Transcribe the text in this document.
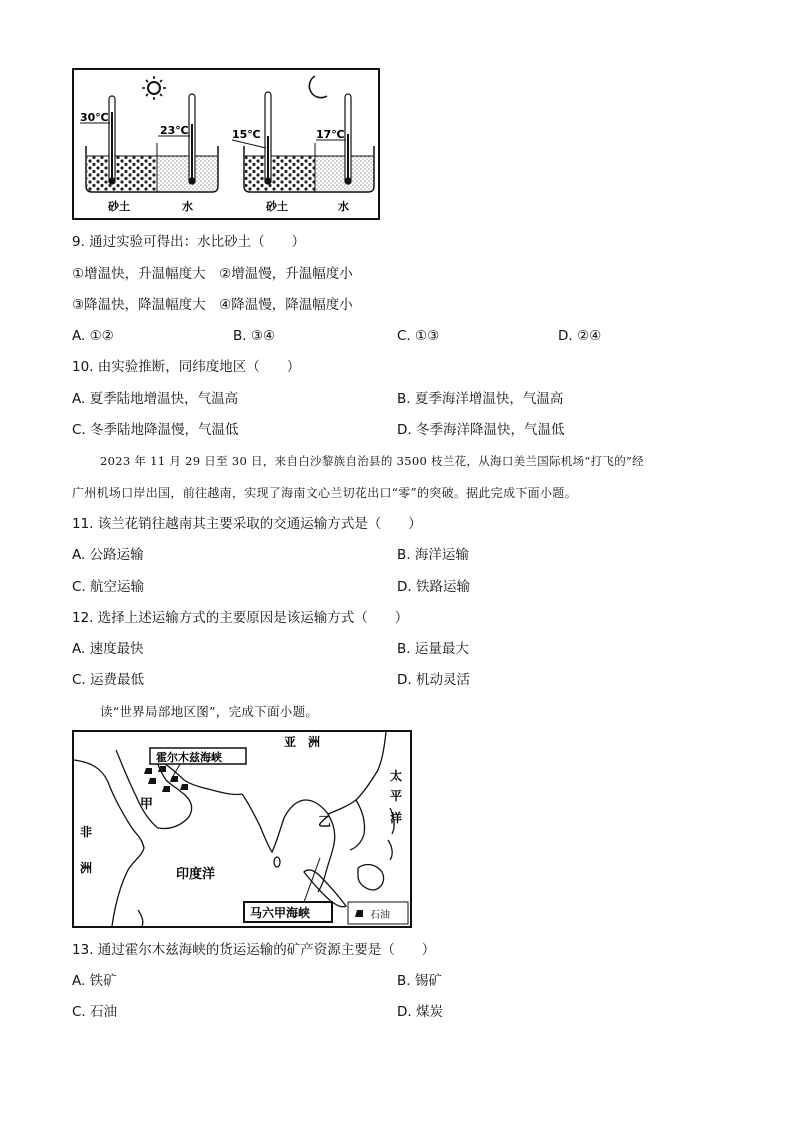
30℃
23℃	15℃	17℃
砂土	水	砂土	水
9. 通过实验可得出：水比砂土（　　）
①增温快，升温幅度大　②增温慢，升温幅度小
③降温快，降温幅度大　④降温慢，降温幅度小
A. ①②	B. ③④	C. ①③	D. ②④
10. 由实验推断，同纬度地区（　　）
A. 夏季陆地增温快，气温高	B. 夏季海洋增温快，气温高
C. 冬季陆地降温慢，气温低	D. 冬季海洋降温快，气温低
2023 年 11 月 29 日至 30 日，来自白沙黎族自治县的 3500 枝兰花，从海口美兰国际机场“打飞的”经
广州机场口岸出国，前往越南，实现了海南文心兰切花出口“零”的突破。据此完成下面小题。
11. 该兰花销往越南其主要采取的交通运输方式是（　　）
A. 公路运输	B. 海洋运输
C. 航空运输	D. 铁路运输
12. 选择上述运输方式的主要原因是该运输方式（　　）
A. 速度最快	B. 运量最大
C. 运费最低	D. 机动灵活
读“世界局部地区图”，完成下面小题。
霍尔木兹海峡
亚　洲
非
洲
太
平
洋
印度洋
甲
乙
马六甲海峡	石油
13. 通过霍尔木兹海峡的货运运输的矿产资源主要是（　　）
A. 铁矿	B. 锡矿
C. 石油	D. 煤炭
